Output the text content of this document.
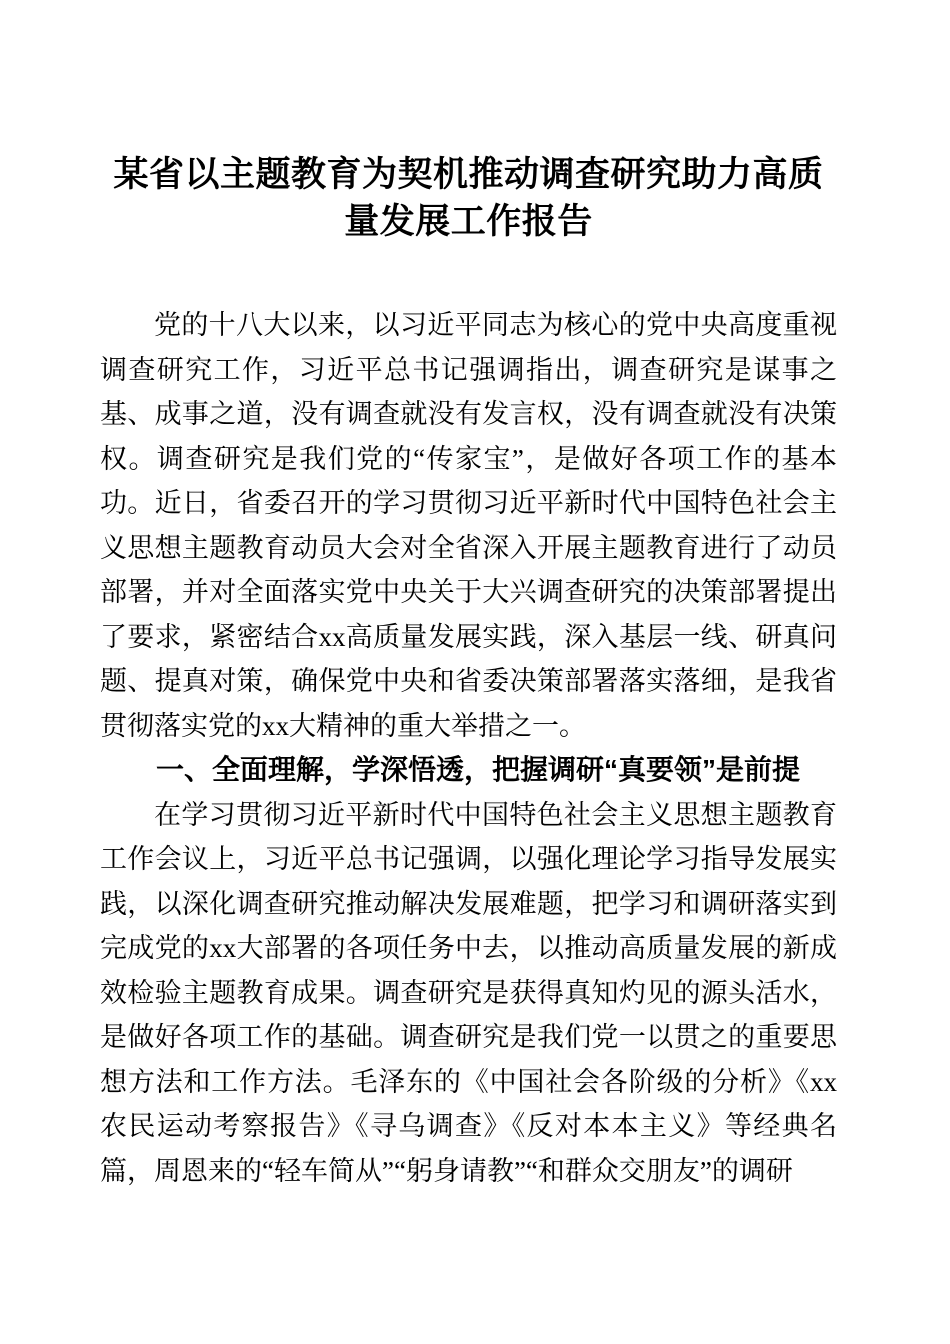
某省以主题教育为契机推动调查研究助力高质
量发展工作报告

党的十八大以来，以习近平同志为核心的党中央高度重视调查研究工作，习近平总书记强调指出，调查研究是谋事之基、成事之道，没有调查就没有发言权，没有调查就没有决策权。调查研究是我们党的“传家宝”，是做好各项工作的基本功。近日，省委召开的学习贯彻习近平新时代中国特色社会主义思想主题教育动员大会对全省深入开展主题教育进行了动员部署，并对全面落实党中央关于大兴调查研究的决策部署提出了要求，紧密结合xx高质量发展实践，深入基层一线、研真问题、提真对策，确保党中央和省委决策部署落实落细，是我省贯彻落实党的xx大精神的重大举措之一。

一、全面理解，学深悟透，把握调研“真要领”是前提

在学习贯彻习近平新时代中国特色社会主义思想主题教育工作会议上，习近平总书记强调，以强化理论学习指导发展实践，以深化调查研究推动解决发展难题，把学习和调研落实到完成党的xx大部署的各项任务中去，以推动高质量发展的新成效检验主题教育成果。调查研究是获得真知灼见的源头活水，是做好各项工作的基础。调查研究是我们党一以贯之的重要思想方法和工作方法。毛泽东的《中国社会各阶级的分析》《xx农民运动考察报告》《寻乌调查》《反对本本主义》等经典名篇，周恩来的“轻车简从”“躬身请教”“和群众交朋友”的调研
